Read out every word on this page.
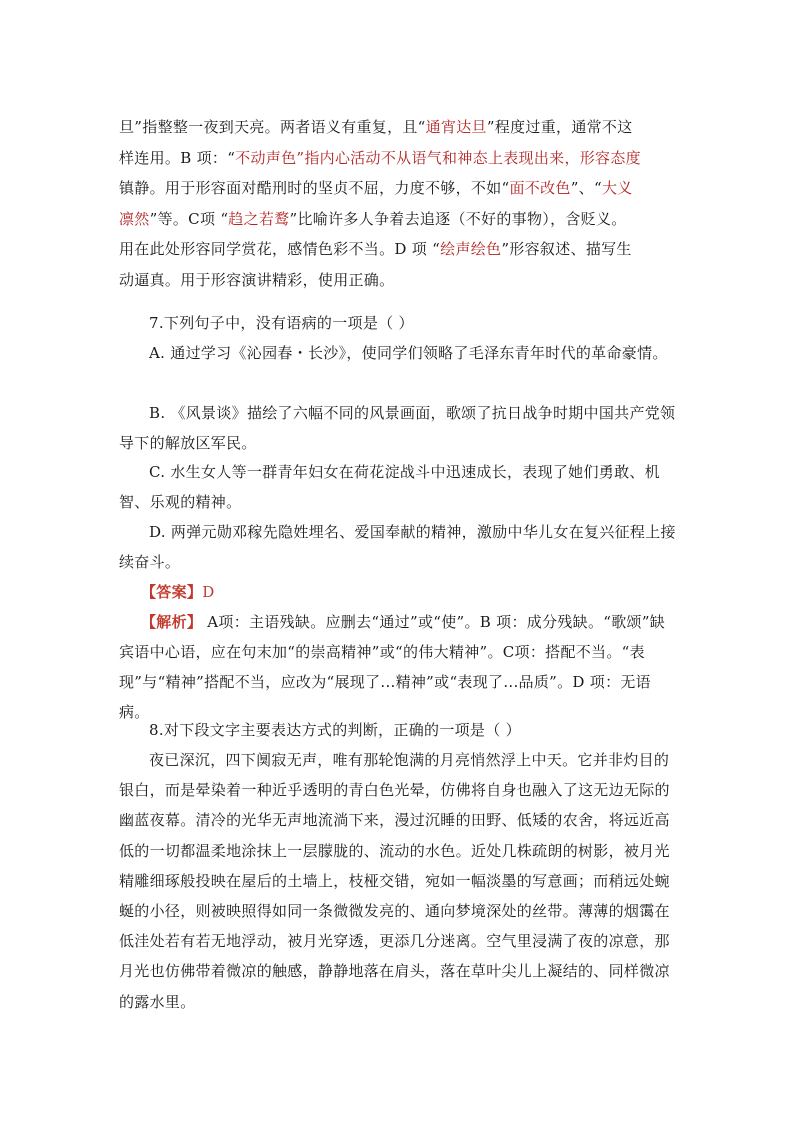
旦”指整整一夜到天亮。两者语义有重复，且“通宵达旦”程度过重，通常不这
样连用。B 项：“不动声色”指内心活动不从语气和神态上表现出来，形容态度
镇静。用于形容面对酷刑时的坚贞不屈，力度不够，不如“面不改色”、“大义
凛然”等。C项 “趋之若鹜”比喻许多人争着去追逐（不好的事物），含贬义。
用在此处形容同学赏花，感情色彩不当。D 项 “绘声绘色”形容叙述、描写生
动逼真。用于形容演讲精彩，使用正确。

7.下列句子中，没有语病的一项是（ ）

A. 通过学习《沁园春・长沙》，使同学们领略了毛泽东青年时代的革命豪情。

B. 《风景谈》描绘了六幅不同的风景画面，歌颂了抗日战争时期中国共产党领导下的解放区军民。

C. 水生女人等一群青年妇女在荷花淀战斗中迅速成长，表现了她们勇敢、机智、乐观的精神。

D. 两弹元勋邓稼先隐姓埋名、爱国奉献的精神，激励中华儿女在复兴征程上接续奋斗。

【答案】D

【解析】 A项：主语残缺。应删去“通过”或“使”。B 项：成分残缺。“歌颂”缺宾语中心语，应在句末加“的崇高精神”或“的伟大精神”。C项：搭配不当。“表现”与“精神”搭配不当，应改为“展现了...精神”或“表现了...品质”。D 项：无语病。

8.对下段文字主要表达方式的判断，正确的一项是（ ）

夜已深沉，四下阒寂无声，唯有那轮饱满的月亮悄然浮上中天。它并非灼目的银白，而是晕染着一种近乎透明的青白色光晕，仿佛将自身也融入了这无边无际的幽蓝夜幕。清冷的光华无声地流淌下来，漫过沉睡的田野、低矮的农舍，将远近高低的一切都温柔地涂抹上一层朦胧的、流动的水色。近处几株疏朗的树影，被月光精雕细琢般投映在屋后的土墙上，枝桠交错，宛如一幅淡墨的写意画；而稍远处蜿蜒的小径，则被映照得如同一条微微发亮的、通向梦境深处的丝带。薄薄的烟霭在低洼处若有若无地浮动，被月光穿透，更添几分迷离。空气里浸满了夜的凉意，那月光也仿佛带着微凉的触感，静静地落在肩头，落在草叶尖儿上凝结的、同样微凉的露水里。
